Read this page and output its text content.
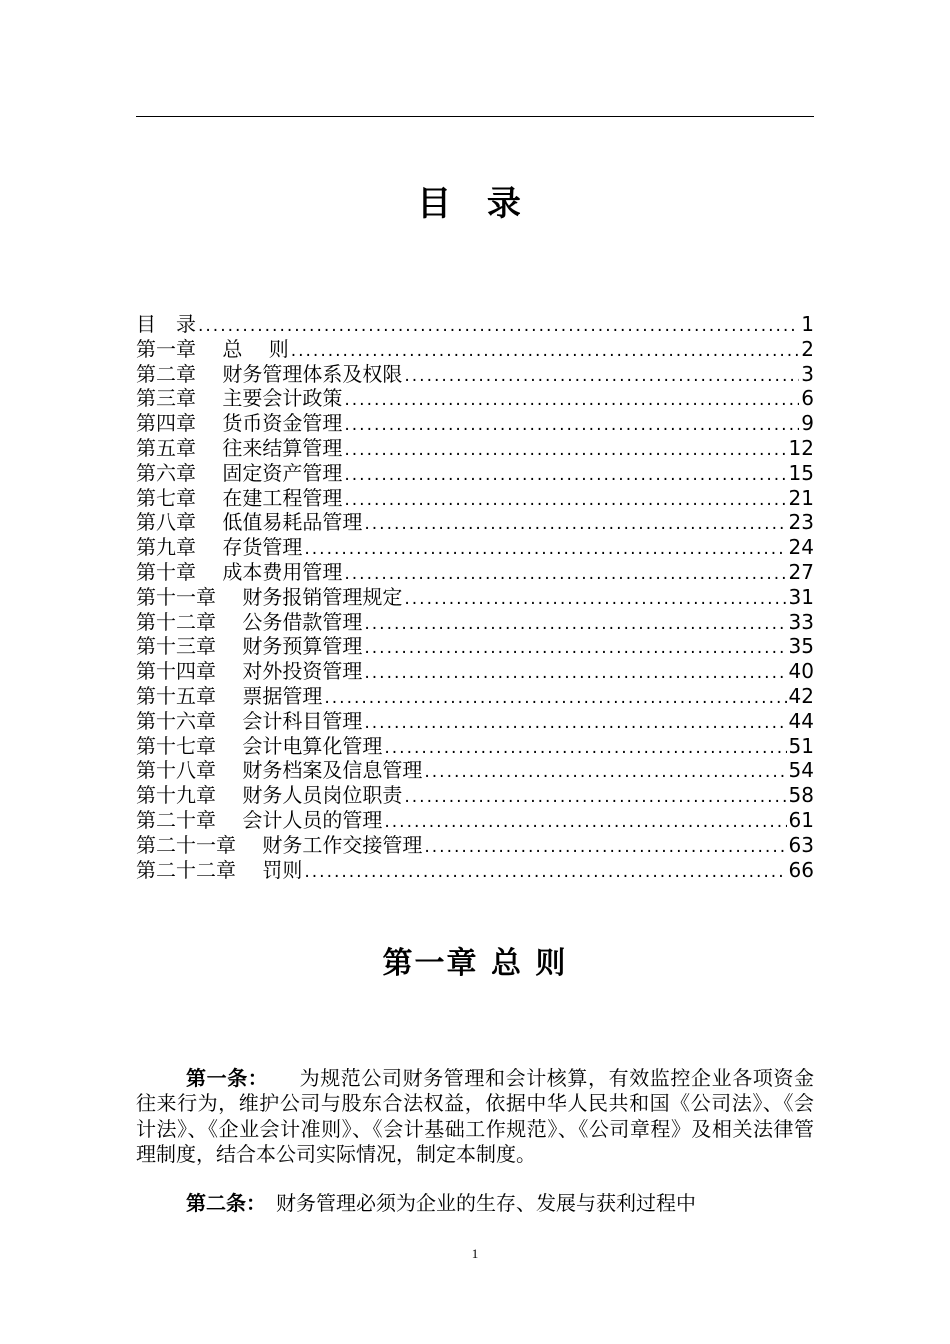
目 录
目　录 .....	1
第一章　 总　 则 .....	2
第二章　 财务管理体系及权限 .....	3
第三章　 主要会计政策 .....	6
第四章　 货币资金管理 .....	9
第五章　 往来结算管理 .....	12
第六章　 固定资产管理 .....	15
第七章　 在建工程管理 .....	21
第八章　 低值易耗品管理 .....	23
第九章　 存货管理 .....	24
第十章　 成本费用管理 .....	27
第十一章　 财务报销管理规定 .....	31
第十二章　 公务借款管理 .....	33
第十三章　 财务预算管理 .....	35
第十四章　 对外投资管理 .....	40
第十五章　 票据管理 .....	42
第十六章　 会计科目管理 .....	44
第十七章　 会计电算化管理 .....	51
第十八章　 财务档案及信息管理 .....	54
第十九章　 财务人员岗位职责 .....	58
第二十章　 会计人员的管理 .....	61
第二十一章　 财务工作交接管理 .....	63
第二十二章　 罚则 .....	66
第一章 总 则
第一条：　　为规范公司财务管理和会计核算，有效监控企业各项资金往来行为，维护公司与股东合法权益，依据中华人民共和国《公司法》、《会计法》、《企业会计准则》、《会计基础工作规范》、《公司章程》及相关法律管理制度，结合本公司实际情况，制定本制度。
第二条：　财务管理必须为企业的生存、发展与获利过程中
1
